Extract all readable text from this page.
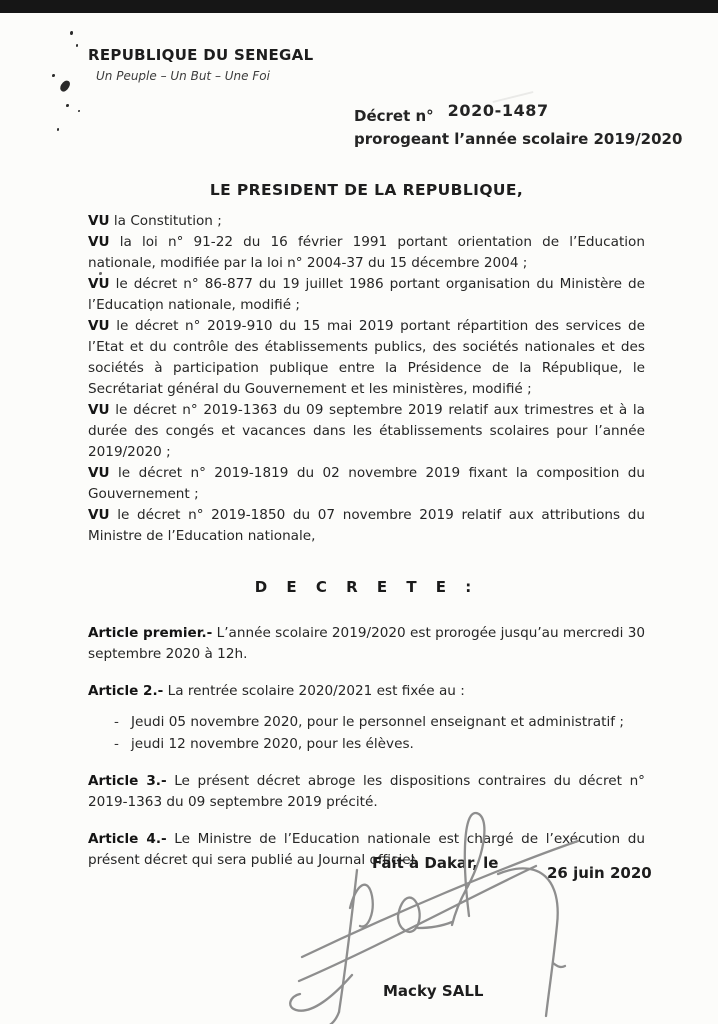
REPUBLIQUE DU SENEGAL
Un Peuple – Un But – Une Foi
Décret n° 2020-1487
prorogeant l’année scolaire 2019/2020
LE PRESIDENT DE LA REPUBLIQUE,

VU la Constitution ;

VU la loi n° 91-22 du 16 février 1991 portant orientation de l’Education nationale, modifiée par la loi n° 2004-37 du 15 décembre 2004 ;

VU le décret n° 86-877 du 19 juillet 1986 portant organisation du Ministère de l’Education nationale, modifié ;

VU le décret n° 2019-910 du 15 mai 2019 portant répartition des services de l’Etat et du contrôle des établissements publics, des sociétés nationales et des sociétés à participation publique entre la Présidence de la République, le Secrétariat général du Gouvernement et les ministères, modifié ;

VU le décret n° 2019-1363 du 09 septembre 2019 relatif aux trimestres et à la durée des congés et vacances dans les établissements scolaires pour l’année 2019/2020 ;

VU le décret n° 2019-1819 du 02 novembre 2019 fixant la composition du Gouvernement ;

VU le décret n° 2019-1850 du 07 novembre 2019 relatif aux attributions du Ministre de l’Education nationale,

D E C R E T E :

Article premier.- L’année scolaire 2019/2020 est prorogée jusqu’au mercredi 30 septembre 2020 à 12h.

Article 2.- La rentrée scolaire 2020/2021 est fixée au :

- Jeudi 05 novembre 2020, pour le personnel enseignant et administratif ;
- jeudi 12 novembre 2020, pour les élèves.

Article 3.- Le présent décret abroge les dispositions contraires du décret n° 2019-1363 du 09 septembre 2019 précité.

Article 4.- Le Ministre de l’Education nationale est chargé de l’exécution du présent décret qui sera publié au Journal officiel.

Fait à Dakar, le
26 juin 2020
Macky SALL
